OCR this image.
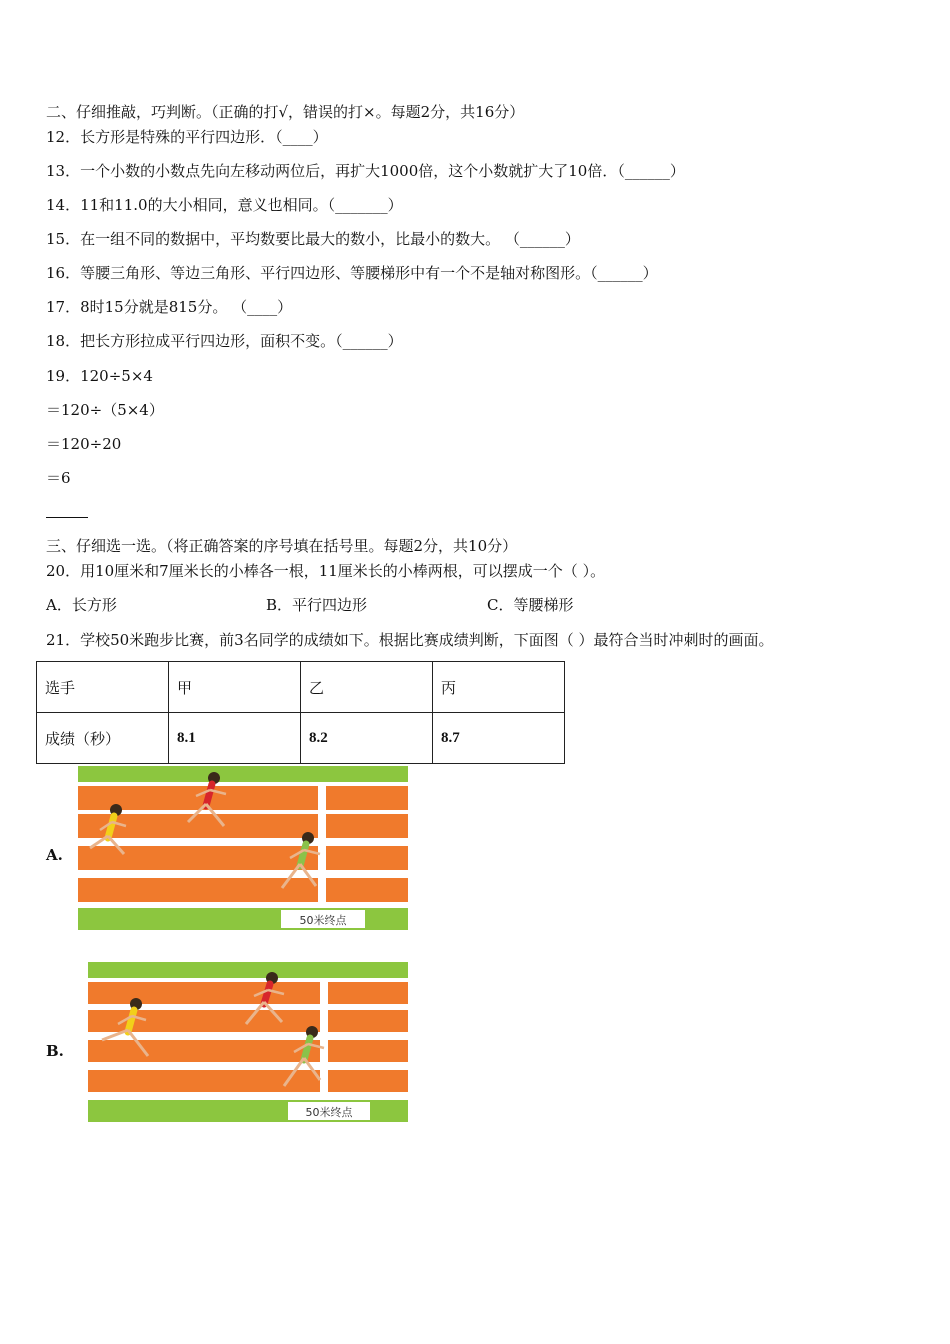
二、仔细推敲，巧判断。（正确的打√，错误的打×。每题2分，共16分）
12．长方形是特殊的平行四边形．（____）
13．一个小数的小数点先向左移动两位后，再扩大1000倍，这个小数就扩大了10倍．（______）
14．11和11.0的大小相同，意义也相同。（_______）
15．在一组不同的数据中，平均数要比最大的数小，比最小的数大。 （______）
16．等腰三角形、等边三角形、平行四边形、等腰梯形中有一个不是轴对称图形。（______）
17．8时15分就是815分。 （____）
18．把长方形拉成平行四边形，面积不变。（______）
19．120÷5×4
＝120÷（5×4）
＝120÷20
＝6
三、仔细选一选。（将正确答案的序号填在括号里。每题2分，共10分）
20．用10厘米和7厘米长的小棒各一根，11厘米长的小棒两根，可以摆成一个（ ）。
A．长方形	B．平行四边形	C．等腰梯形
21．学校50米跑步比赛，前3名同学的成绩如下。根据比赛成绩判断，下面图（ ）最符合当时冲刺时的画面。
选手	甲	乙	丙
成绩（秒）	8.1	8.2	8.7
A.
50米终点
B.
50米终点
